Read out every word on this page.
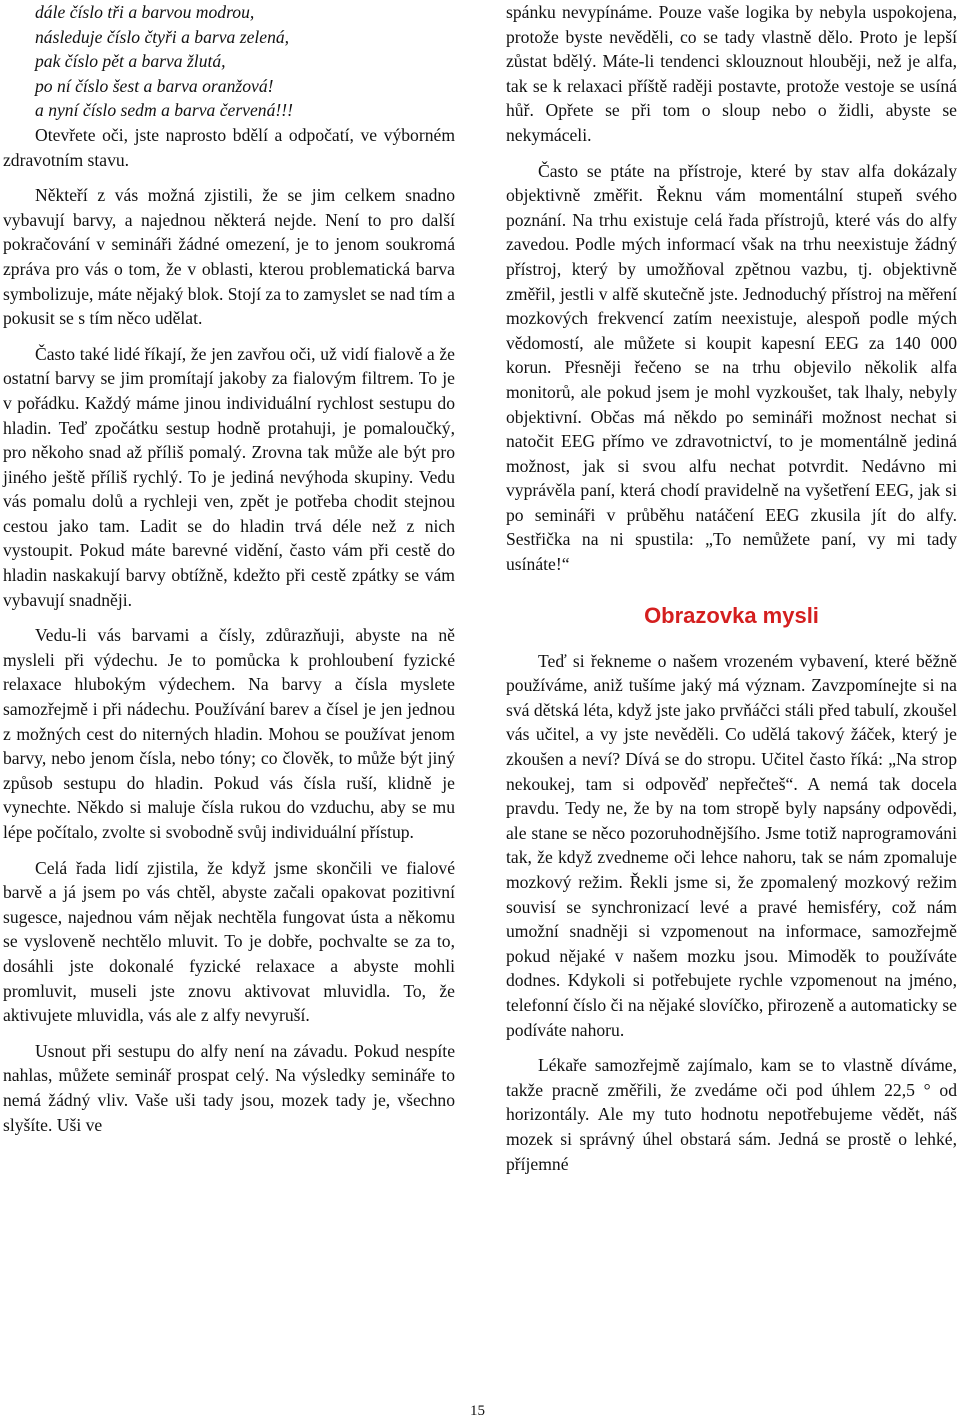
dále číslo tři a barvou modrou,
následuje číslo čtyři a barva zelená,
pak číslo pět a barva žlutá,
po ní číslo šest a barva oranžová!
a nyní číslo sedm a barva červená!!!

Otevřete oči, jste naprosto bdělí a odpočatí, ve výborném zdravotním stavu.

Někteří z vás možná zjistili, že se jim celkem snadno vybavují barvy, a najednou některá nejde. Není to pro další pokračování v semináři žádné omezení, je to jenom soukromá zpráva pro vás o tom, že v oblasti, kterou problematická barva symbolizuje, máte nějaký blok. Stojí za to zamyslet se nad tím a pokusit se s tím něco udělat.

Často také lidé říkají, že jen zavřou oči, už vidí fialově a že ostatní barvy se jim promítají jakoby za fialovým filtrem. To je v pořádku. Každý máme jinou individuální rychlost sestupu do hladin. Teď zpočátku sestup hodně protahuji, je pomaloučký, pro někoho snad až příliš pomalý. Zrovna tak může ale být pro jiného ještě příliš rychlý. To je jediná nevýhoda skupiny. Vedu vás pomalu dolů a rychleji ven, zpět je potřeba chodit stejnou cestou jako tam. Ladit se do hladin trvá déle než z nich vystoupit. Pokud máte barevné vidění, často vám při cestě do hladin naskakují barvy obtížně, kdežto při cestě zpátky se vám vybavují snadněji.

Vedu-li vás barvami a čísly, zdůrazňuji, abyste na ně mysleli při výdechu. Je to pomůcka k prohloubení fyzické relaxace hlubokým výdechem. Na barvy a čísla myslete samozřejmě i při nádechu. Používání barev a čísel je jen jednou z možných cest do niterných hladin. Mohou se používat jenom barvy, nebo jenom čísla, nebo tóny; co člověk, to může být jiný způsob sestupu do hladin. Pokud vás čísla ruší, klidně je vynechte. Někdo si maluje čísla rukou do vzduchu, aby se mu lépe počítalo, zvolte si svobodně svůj individuální přístup.

Celá řada lidí zjistila, že když jsme skončili ve fialové barvě a já jsem po vás chtěl, abyste začali opakovat pozitivní sugesce, najednou vám nějak nechtěla fungovat ústa a někomu se vysloveně nechtělo mluvit. To je dobře, pochvalte se za to, dosáhli jste dokonalé fyzické relaxace a abyste mohli promluvit, museli jste znovu aktivovat mluvidla. To, že aktivujete mluvidla, vás ale z alfy nevyruší.

Usnout při sestupu do alfy není na závadu. Pokud nespíte nahlas, můžete seminář prospat celý. Na výsledky semináře to nemá žádný vliv. Vaše uši tady jsou, mozek tady je, všechno slyšíte. Uši ve

spánku nevypínáme. Pouze vaše logika by nebyla uspokojena, protože byste nevěděli, co se tady vlastně dělo. Proto je lepší zůstat bdělý. Máte-li tendenci sklouznout hlouběji, než je alfa, tak se k relaxaci příště raději postavte, protože vestoje se usíná hůř. Opřete se při tom o sloup nebo o židli, abyste se nekymáceli.

Často se ptáte na přístroje, které by stav alfa dokázaly objektivně změřit. Řeknu vám momentální stupeň svého poznání. Na trhu existuje celá řada přístrojů, které vás do alfy zavedou. Podle mých informací však na trhu neexistuje žádný přístroj, který by umožňoval zpětnou vazbu, tj. objektivně změřil, jestli v alfě skutečně jste. Jednoduchý přístroj na měření mozkových frekvencí zatím neexistuje, alespoň podle mých vědomostí, ale můžete si koupit kapesní EEG za 140 000 korun. Přesněji řečeno se na trhu objevilo několik alfa monitorů, ale pokud jsem je mohl vyzkoušet, tak lhaly, nebyly objektivní. Občas má někdo po semináři možnost nechat si natočit EEG přímo ve zdravotnictví, to je momentálně jediná možnost, jak si svou alfu nechat potvrdit. Nedávno mi vyprávěla paní, která chodí pravidelně na vyšetření EEG, jak si po semináři v průběhu natáčení EEG zkusila jít do alfy. Sestřička na ni spustila: „To nemůžete paní, vy mi tady usínáte!“

Obrazovka mysli

Teď si řekneme o našem vrozeném vybavení, které běžně používáme, aniž tušíme jaký má význam. Zavzpomínejte si na svá dětská léta, když jste jako prvňáčci stáli před tabulí, zkoušel vás učitel, a vy jste nevěděli. Co udělá takový žáček, který je zkoušen a neví? Dívá se do stropu. Učitel často říká: „Na strop nekoukej, tam si odpověď nepřečteš“. A nemá tak docela pravdu. Tedy ne, že by na tom stropě byly napsány odpovědi, ale stane se něco pozoruhodnějšího. Jsme totiž naprogramováni tak, že když zvedneme oči lehce nahoru, tak se nám zpomaluje mozkový režim. Řekli jsme si, že zpomalený mozkový režim souvisí se synchronizací levé a pravé hemisféry, což nám umožní snadněji si vzpomenout na informace, samozřejmě pokud nějaké v našem mozku jsou. Mimoděk to používáte dodnes. Kdykoli si potřebujete rychle vzpomenout na jméno, telefonní číslo či na nějaké slovíčko, přirozeně a automaticky se podíváte nahoru.

Lékaře samozřejmě zajímalo, kam se to vlastně díváme, takže pracně změřili, že zvedáme oči pod úhlem 22,5 ° od horizontály. Ale my tuto hodnotu nepotřebujeme vědět, náš mozek si správný úhel obstará sám. Jedná se prostě o lehké, příjemné

15
